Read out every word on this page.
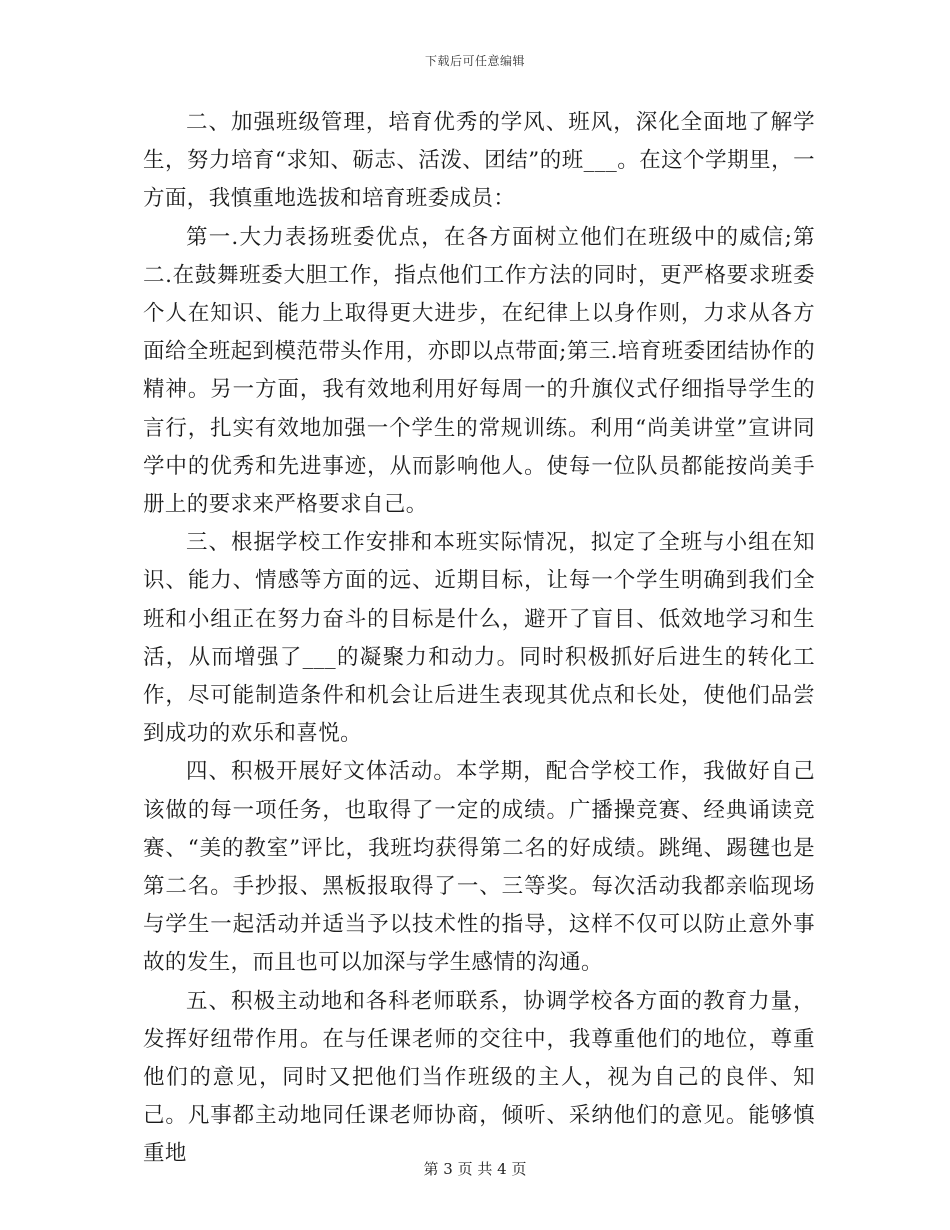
下载后可任意编辑

二、加强班级管理，培育优秀的学风、班风，深化全面地了解学生，努力培育“求知、砺志、活泼、团结”的班___。在这个学期里，一方面，我慎重地选拔和培育班委成员：

第一.大力表扬班委优点，在各方面树立他们在班级中的威信;第二.在鼓舞班委大胆工作，指点他们工作方法的同时，更严格要求班委个人在知识、能力上取得更大进步，在纪律上以身作则，力求从各方面给全班起到模范带头作用，亦即以点带面;第三.培育班委团结协作的精神。另一方面，我有效地利用好每周一的升旗仪式仔细指导学生的言行，扎实有效地加强一个学生的常规训练。利用“尚美讲堂”宣讲同学中的优秀和先进事迹，从而影响他人。使每一位队员都能按尚美手册上的要求来严格要求自己。

三、根据学校工作安排和本班实际情况，拟定了全班与小组在知识、能力、情感等方面的远、近期目标，让每一个学生明确到我们全班和小组正在努力奋斗的目标是什么，避开了盲目、低效地学习和生活，从而增强了___的凝聚力和动力。同时积极抓好后进生的转化工作，尽可能制造条件和机会让后进生表现其优点和长处，使他们品尝到成功的欢乐和喜悦。

四、积极开展好文体活动。本学期，配合学校工作，我做好自己该做的每一项任务，也取得了一定的成绩。广播操竞赛、经典诵读竞赛、“美的教室”评比，我班均获得第二名的好成绩。跳绳、踢毽也是第二名。手抄报、黑板报取得了一、三等奖。每次活动我都亲临现场与学生一起活动并适当予以技术性的指导，这样不仅可以防止意外事故的发生，而且也可以加深与学生感情的沟通。

五、积极主动地和各科老师联系，协调学校各方面的教育力量，发挥好纽带作用。在与任课老师的交往中，我尊重他们的地位，尊重他们的意见，同时又把他们当作班级的主人，视为自己的良伴、知己。凡事都主动地同任课老师协商，倾听、采纳他们的意见。能够慎重地

第 3 页 共 4 页
